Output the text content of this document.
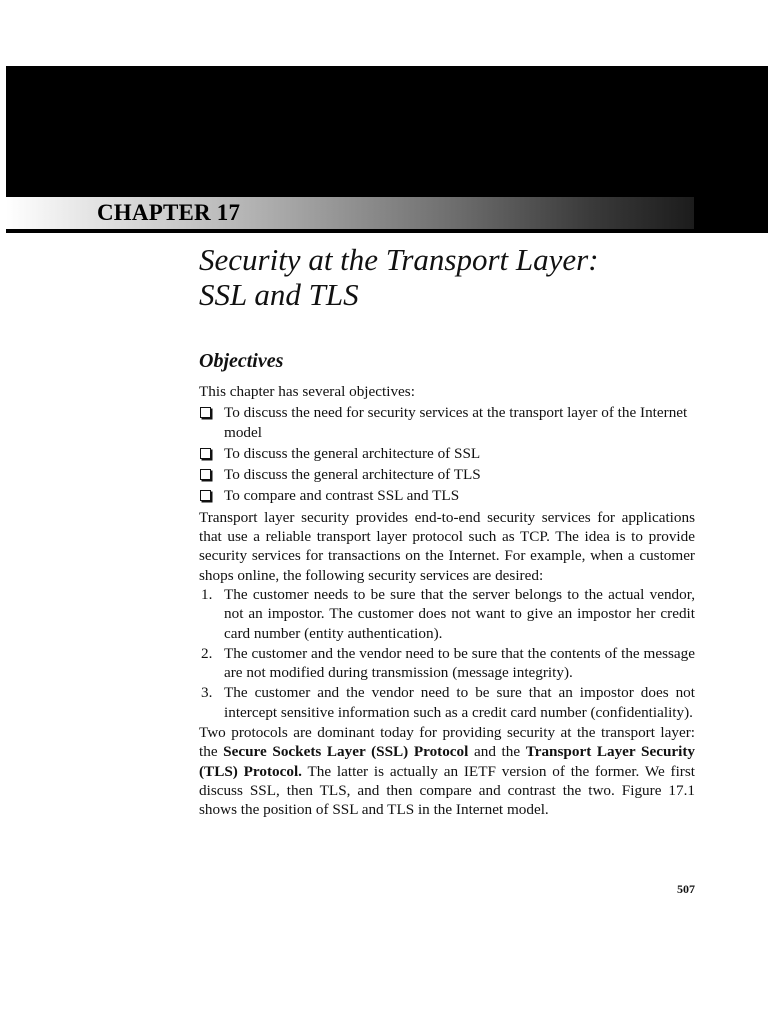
CHAPTER 17
Security at the Transport Layer:
SSL and TLS
Objectives

This chapter has several objectives:

To discuss the need for security services at the transport layer of the Internet model
To discuss the general architecture of SSL
To discuss the general architecture of TLS
To compare and contrast SSL and TLS

Transport layer security provides end-to-end security services for applications that use a reliable transport layer protocol such as TCP. The idea is to provide security services for transactions on the Internet. For example, when a customer shops online, the following security services are desired:

1. The customer needs to be sure that the server belongs to the actual vendor, not an impostor. The customer does not want to give an impostor her credit card number (entity authentication).
2. The customer and the vendor need to be sure that the contents of the message are not modified during transmission (message integrity).
3. The customer and the vendor need to be sure that an impostor does not intercept sensitive information such as a credit card number (confidentiality).

Two protocols are dominant today for providing security at the transport layer: the Secure Sockets Layer (SSL) Protocol and the Transport Layer Security (TLS) Protocol. The latter is actually an IETF version of the former. We first discuss SSL, then TLS, and then compare and contrast the two. Figure 17.1 shows the position of SSL and TLS in the Internet model.

507
